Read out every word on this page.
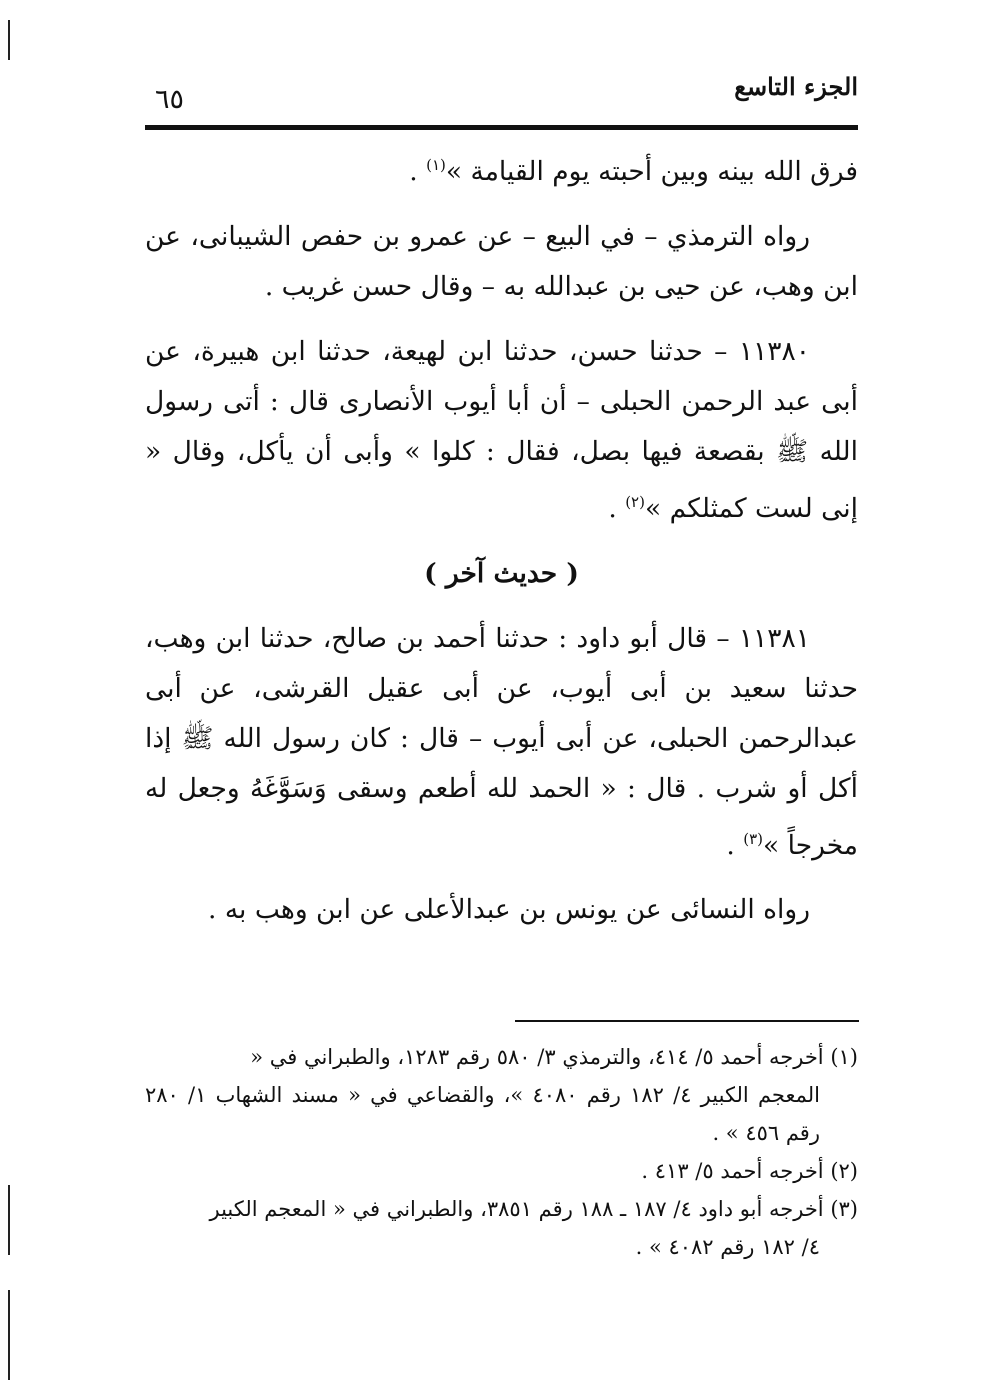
٦٥	الجزء التاسع

فرق الله بينه وبين أحبته يوم القيامة »$^{(١)}$ .

رواه الترمذي – في البيع – عن عمرو بن حفص الشيبانى، عن ابن وهب، عن حيى بن عبدالله به – وقال حسن غريب .

١١٣٨٠ – حدثنا حسن، حدثنا ابن لهيعة، حدثنا ابن هبيرة، عن أبى عبد الرحمن الحبلى – أن أبا أيوب الأنصارى قال : أتى رسول الله ﷺ بقصعة فيها بصل، فقال : كلوا » وأبى أن يأكل، وقال « إنى لست كمثلكم »$^{(٢)}$ .

( حديث آخر )

١١٣٨١ – قال أبو داود : حدثنا أحمد بن صالح، حدثنا ابن وهب، حدثنا سعيد بن أبى أيوب، عن أبى عقيل القرشى، عن أبى عبدالرحمن الحبلى، عن أبى أيوب – قال : كان رسول الله ﷺ إذا أكل أو شرب . قال : « الحمد لله أطعم وسقى وَسَوَّغَهُ وجعل له مخرجاً »$^{(٣)}$ .

رواه النسائى عن يونس بن عبدالأعلى عن ابن وهب به .

(١) أخرجه أحمد ٥/ ٤١٤، والترمذي ٣/ ٥٨٠ رقم ١٢٨٣، والطبراني في «

المعجم الكبير ٤/ ١٨٢ رقم ٤٠٨٠ »، والقضاعي في « مسند الشهاب ١/ ٢٨٠ رقم ٤٥٦ » .

(٢) أخرجه أحمد ٥/ ٤١٣ .

(٣) أخرجه أبو داود ٤/ ١٨٧ ـ ١٨٨ رقم ٣٨٥١، والطبراني في « المعجم الكبير

٤/ ١٨٢ رقم ٤٠٨٢ » .
